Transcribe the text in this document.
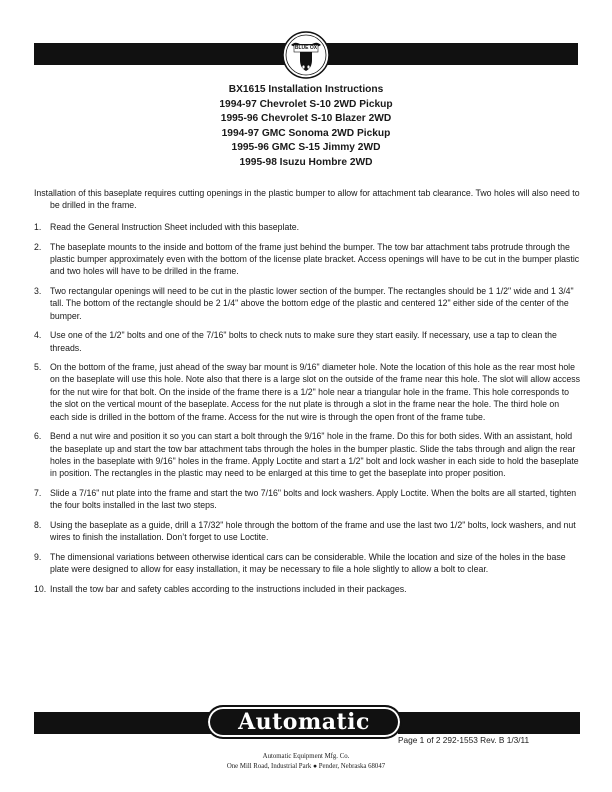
BLUE OX
BX1615 Installation Instructions
1994-97 Chevrolet S-10 2WD Pickup
1995-96 Chevrolet S-10 Blazer 2WD
1994-97 GMC Sonoma 2WD Pickup
1995-96 GMC S-15 Jimmy 2WD
1995-98 Isuzu Hombre 2WD
Installation of this baseplate requires cutting openings in the plastic bumper to allow for attachment tab clearance. Two holes will also need to be drilled in the frame.
1. Read the General Instruction Sheet included with this baseplate.
2. The baseplate mounts to the inside and bottom of the frame just behind the bumper. The tow bar attachment tabs protrude through the plastic bumper approximately even with the bottom of the license plate bracket. Access openings will have to be cut in the bumper plastic and two holes will have to be drilled in the frame.
3. Two rectangular openings will need to be cut in the plastic lower section of the bumper. The rectangles should be 1 1/2" wide and 1 3/4" tall. The bottom of the rectangle should be 2 1/4" above the bottom edge of the plastic and centered 12" either side of the center of the bumper.
4. Use one of the 1/2" bolts and one of the 7/16" bolts to check nuts to make sure they start easily. If necessary, use a tap to clean the threads.
5. On the bottom of the frame, just ahead of the sway bar mount is 9/16" diameter hole. Note the location of this hole as the rear most hole on the baseplate will use this hole. Note also that there is a large slot on the outside of the frame near this hole. The slot will allow access for the nut wire for that bolt. On the inside of the frame there is a 1/2" hole near a triangular hole in the frame. This hole corresponds to the slot on the vertical mount of the baseplate. Access for the nut plate is through a slot in the frame near the hole. The third hole on each side is drilled in the bottom of the frame. Access for the nut wire is through the open front of the frame tube.
6. Bend a nut wire and position it so you can start a bolt through the 9/16" hole in the frame. Do this for both sides. With an assistant, hold the baseplate up and start the tow bar attachment tabs through the holes in the bumper plastic. Slide the tabs through and align the rear holes in the baseplate with 9/16" holes in the frame. Apply Loctite and start a 1/2" bolt and lock washer in each side to hold the baseplate in position. The rectangles in the plastic may need to be enlarged at this time to get the baseplate into proper position.
7. Slide a 7/16" nut plate into the frame and start the two 7/16" bolts and lock washers. Apply Loctite. When the bolts are all started, tighten the four bolts installed in the last two steps.
8. Using the baseplate as a guide, drill a 17/32" hole through the bottom of the frame and use the last two 1/2" bolts, lock washers, and nut wires to finish the installation. Don’t forget to use Loctite.
9. The dimensional variations between otherwise identical cars can be considerable. While the location and size of the holes in the base plate were designed to allow for easy installation, it may be necessary to file a hole slightly to allow a bolt to clear.
10. Install the tow bar and safety cables according to the instructions included in their packages.
Automatic
Page 1 of 2 292-1553 Rev. B 1/3/11
Automatic Equipment Mfg. Co.
One Mill Road, Industrial Park ● Pender, Nebraska 68047
